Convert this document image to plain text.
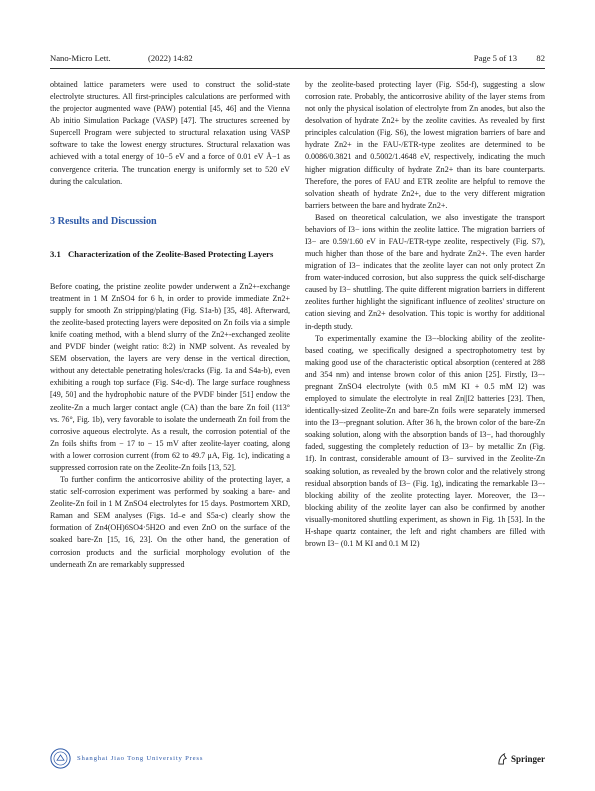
Nano-Micro Lett.	(2022) 14:82	Page 5 of 13 82

obtained lattice parameters were used to construct the solid-state electrolyte structures. All first-principles calculations are performed with the projector augmented wave (PAW) potential [45, 46] and the Vienna Ab initio Simulation Package (VASP) [47]. The structures screened by Supercell Program were subjected to structural relaxation using VASP software to take the lowest energy structures. Structural relaxation was achieved with a total energy of 10−5 eV and a force of 0.01 eV Å−1 as convergence criteria. The truncation energy is uniformly set to 520 eV during the calculation.

3 Results and Discussion

3.1 Characterization of the Zeolite-Based Protecting Layers

Before coating, the pristine zeolite powder underwent a Zn2+-exchange treatment in 1 M ZnSO4 for 6 h, in order to provide immediate Zn2+ supply for smooth Zn stripping/plating (Fig. S1a-b) [35, 48]. Afterward, the zeolite-based protecting layers were deposited on Zn foils via a simple knife coating method, with a blend slurry of the Zn2+-exchanged zeolite and PVDF binder (weight ratio: 8:2) in NMP solvent. As revealed by SEM observation, the layers are very dense in the vertical direction, without any detectable penetrating holes/cracks (Fig. 1a and S4a-b), even exhibiting a rough top surface (Fig. S4c-d). The large surface roughness [49, 50] and the hydrophobic nature of the PVDF binder [51] endow the zeolite-Zn a much larger contact angle (CA) than the bare Zn foil (113° vs. 76°, Fig. 1b), very favorable to isolate the underneath Zn foil from the corrosive aqueous electrolyte. As a result, the corrosion potential of the Zn foils shifts from − 17 to − 15 mV after zeolite-layer coating, along with a lower corrosion current (from 62 to 49.7 μA, Fig. 1c), indicating a suppressed corrosion rate on the Zeolite-Zn foils [13, 52].

To further confirm the anticorrosive ability of the protecting layer, a static self-corrosion experiment was performed by soaking a bare- and Zeolite-Zn foil in 1 M ZnSO4 electrolytes for 15 days. Postmortem XRD, Raman and SEM analyses (Figs. 1d–e and S5a-c) clearly show the formation of Zn4(OH)6SO4·5H2O and even ZnO on the surface of the soaked bare-Zn [15, 16, 23]. On the other hand, the generation of corrosion products and the surficial morphology evolution of the underneath Zn are remarkably suppressed

by the zeolite-based protecting layer (Fig. S5d-f), suggesting a slow corrosion rate. Probably, the anticorrosive ability of the layer stems from not only the physical isolation of electrolyte from Zn anodes, but also the desolvation of hydrate Zn2+ by the zeolite cavities. As revealed by first principles calculation (Fig. S6), the lowest migration barriers of bare and hydrate Zn2+ in the FAU-/ETR-type zeolites are determined to be 0.0086/0.3821 and 0.5002/1.4648 eV, respectively, indicating the much higher migration difficulty of hydrate Zn2+ than its bare counterparts. Therefore, the pores of FAU and ETR zeolite are helpful to remove the solvation sheath of hydrate Zn2+, due to the very different migration barriers between the bare and hydrate Zn2+.

Based on theoretical calculation, we also investigate the transport behaviors of I3− ions within the zeolite lattice. The migration barriers of I3− are 0.59/1.60 eV in FAU-/ETR-type zeolite, respectively (Fig. S7), much higher than those of the bare and hydrate Zn2+. The even harder migration of I3− indicates that the zeolite layer can not only protect Zn from water-induced corrosion, but also suppress the quick self-discharge caused by I3− shuttling. The quite different migration barriers in different zeolites further highlight the significant influence of zeolites' structure on cation sieving and Zn2+ desolvation. This topic is worthy for additional in-depth study.

To experimentally examine the I3−-blocking ability of the zeolite-based coating, we specifically designed a spectrophotometry test by making good use of the characteristic optical absorption (centered at 288 and 354 nm) and intense brown color of this anion [25]. Firstly, I3−-pregnant ZnSO4 electrolyte (with 0.5 mM KI + 0.5 mM I2) was employed to simulate the electrolyte in real Zn||I2 batteries [23]. Then, identically-sized Zeolite-Zn and bare-Zn foils were separately immersed into the I3−-pregnant solution. After 36 h, the brown color of the bare-Zn soaking solution, along with the absorption bands of I3−, had thoroughly faded, suggesting the completely reduction of I3− by metallic Zn (Fig. 1f). In contrast, considerable amount of I3− survived in the Zeolite-Zn soaking solution, as revealed by the brown color and the relatively strong residual absorption bands of I3− (Fig. 1g), indicating the remarkable I3−-blocking ability of the zeolite protecting layer. Moreover, the I3−-blocking ability of the zeolite layer can also be confirmed by another visually-monitored shuttling experiment, as shown in Fig. 1h [53]. In the H-shape quartz container, the left and right chambers are filled with brown I3− (0.1 M KI and 0.1 M I2)

Shanghai Jiao Tong University Press	Springer
